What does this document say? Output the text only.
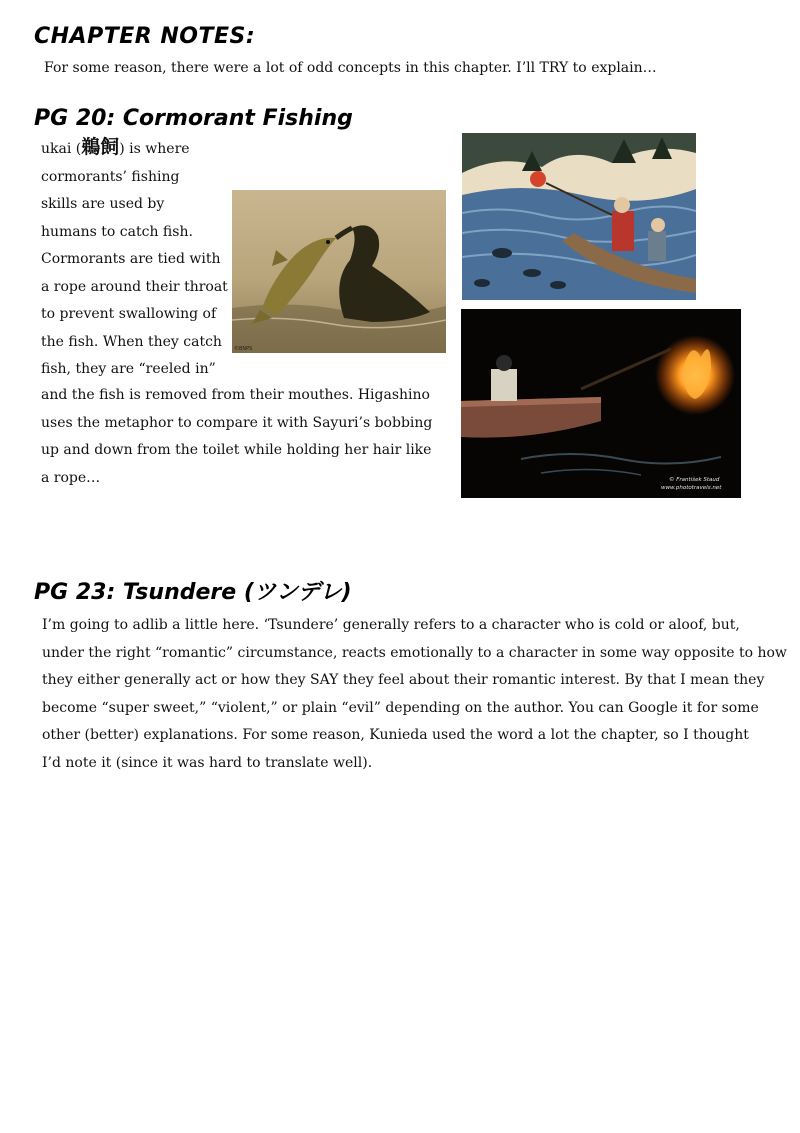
CHAPTER NOTES:
For some reason, there were a lot of odd concepts in this chapter. I’ll TRY to explain…
PG 20: Cormorant Fishing
ukai (鵜飼) is where
cormorants’ fishing
skills are used by
humans to catch fish.
Cormorants are tied with
a rope around their throat
to prevent swallowing of
the fish. When they catch
fish, they are “reeled in”
and the fish is removed from their mouthes. Higashino
uses the metaphor to compare it with Sayuri’s bobbing
up and down from the toilet while holding her hair like
a rope…
©BNPS
© František Staud
www.phototravels.net
PG 23: Tsundere (ツンデレ)
I’m going to adlib a little here. ‘Tsundere’ generally refers to a character who is cold or aloof, but,
under the right “romantic” circumstance, reacts emotionally to a character in some way opposite to how
they either generally act or how they SAY they feel about their romantic interest. By that I mean they
become “super sweet,” “violent,” or plain “evil” depending on the author. You can Google it for some
other (better) explanations. For some reason, Kunieda used the word a lot the chapter, so I thought
I’d note it (since it was hard to translate well).
